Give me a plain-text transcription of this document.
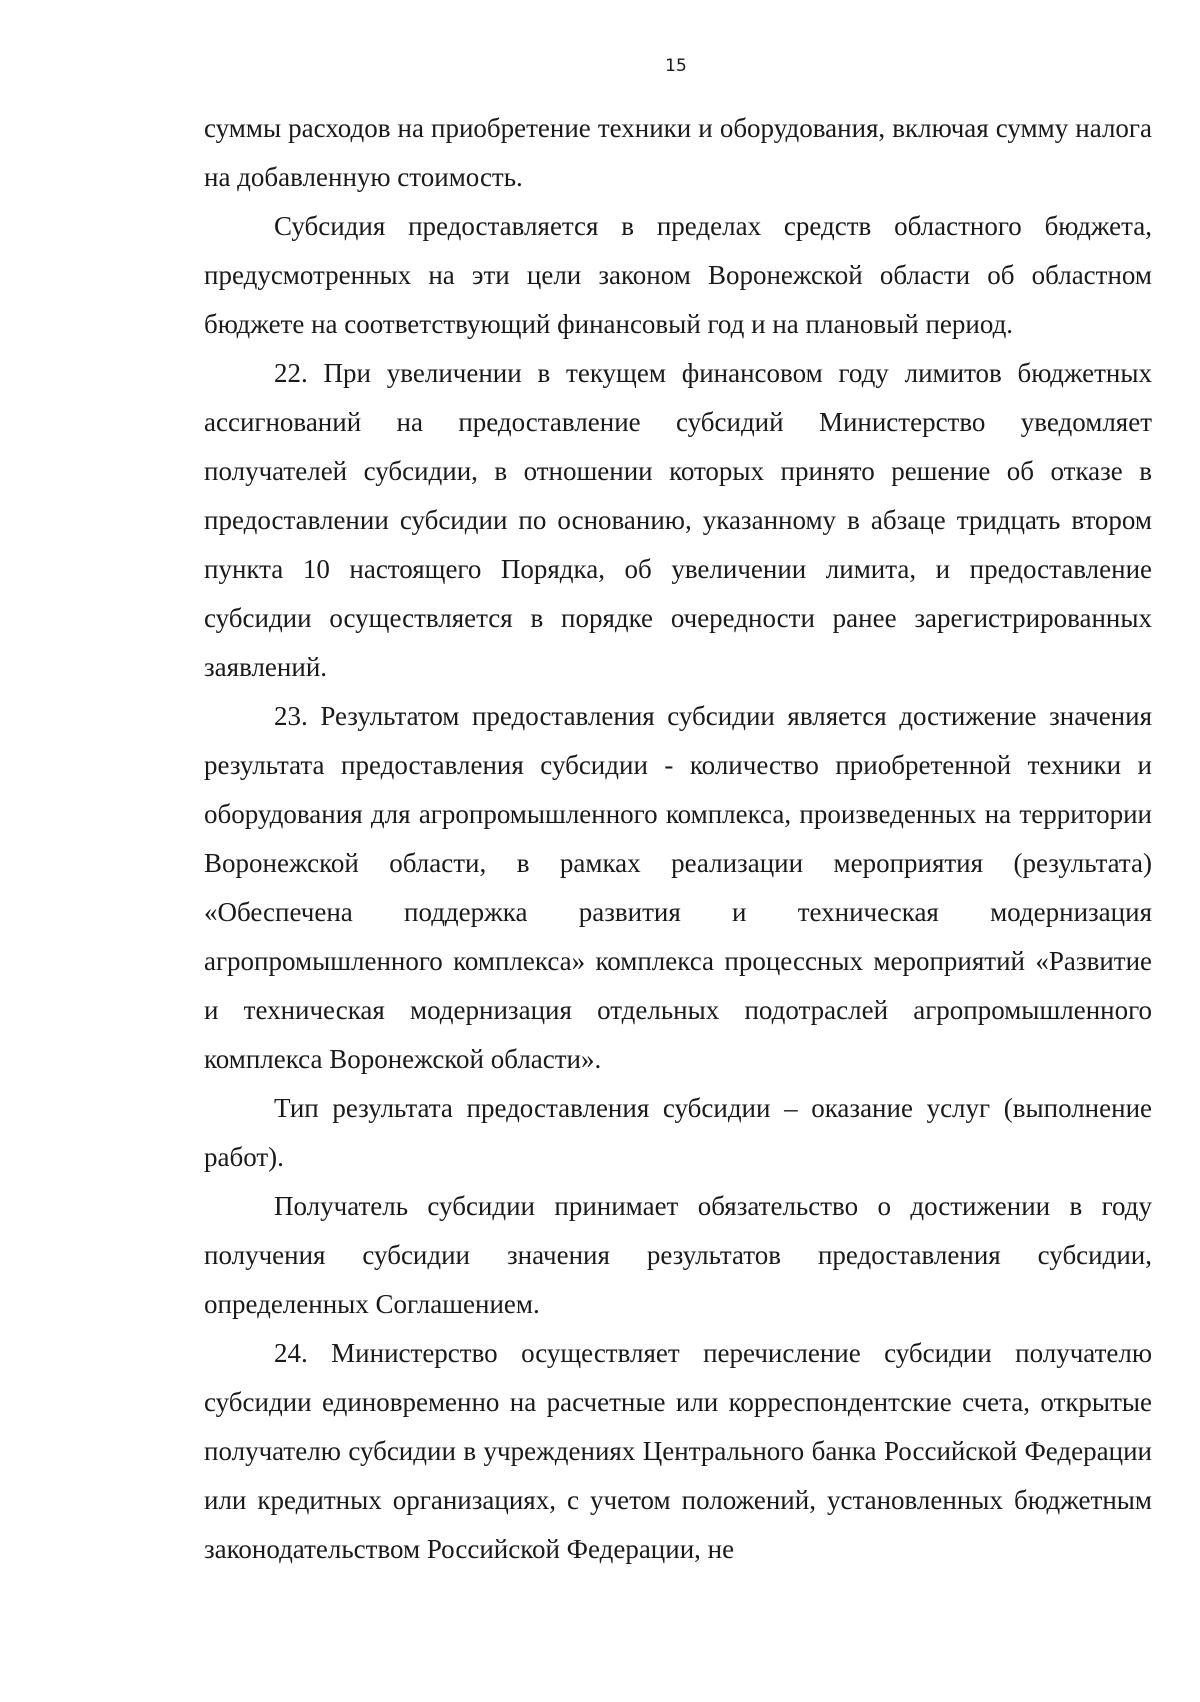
15

суммы расходов на приобретение техники и оборудования, включая сумму налога на добавленную стоимость.

Субсидия предоставляется в пределах средств областного бюджета, предусмотренных на эти цели законом Воронежской области об областном бюджете на соответствующий финансовый год и на плановый период.

22. При увеличении в текущем финансовом году лимитов бюджетных ассигнований на предоставление субсидий Министерство уведомляет получателей субсидии, в отношении которых принято решение об отказе в предоставлении субсидии по основанию, указанному в абзаце тридцать втором пункта 10 настоящего Порядка, об увеличении лимита, и предоставление субсидии осуществляется в порядке очередности ранее зарегистрированных заявлений.

23. Результатом предоставления субсидии является достижение значения результата предоставления субсидии - количество приобретенной техники и оборудования для агропромышленного комплекса, произведенных на территории Воронежской области, в рамках реализации мероприятия (результата) «Обеспечена поддержка развития и техническая модернизация агропромышленного комплекса» комплекса процессных мероприятий «Развитие и техническая модернизация отдельных подотраслей агропромышленного комплекса Воронежской области».

Тип результата предоставления субсидии – оказание услуг (выполнение работ).

Получатель субсидии принимает обязательство о достижении в году получения субсидии значения результатов предоставления субсидии, определенных Соглашением.

24. Министерство осуществляет перечисление субсидии получателю субсидии единовременно на расчетные или корреспондентские счета, открытые получателю субсидии в учреждениях Центрального банка Российской Федерации или кредитных организациях, с учетом положений, установленных бюджетным законодательством Российской Федерации, не
